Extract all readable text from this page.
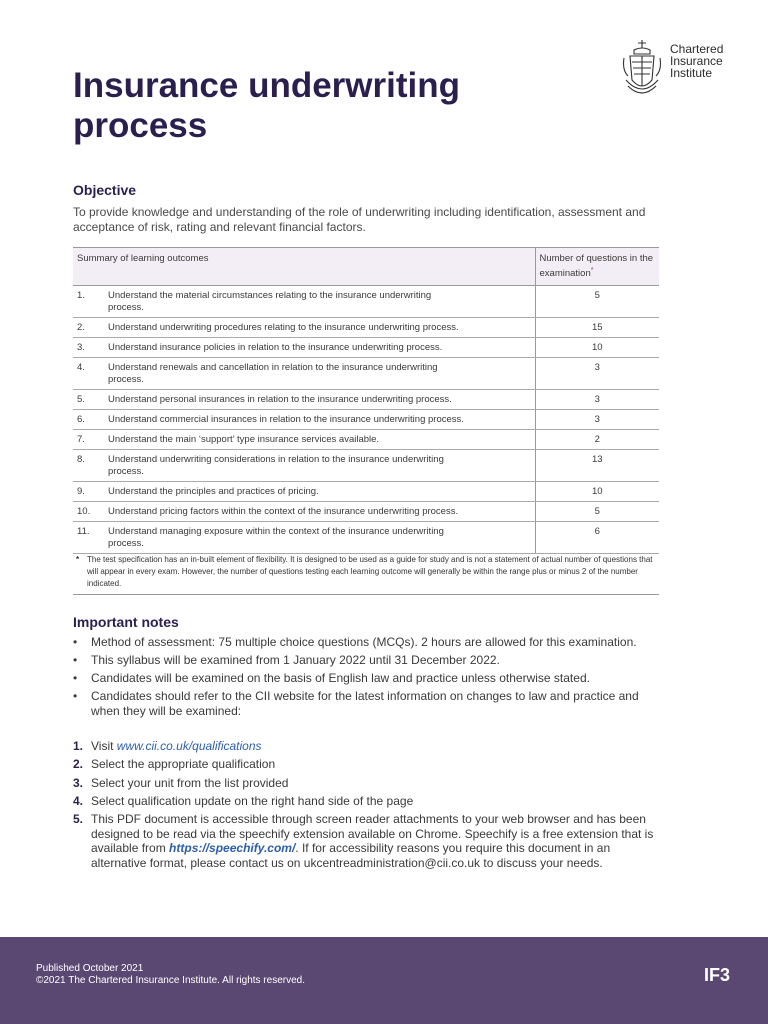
Insurance underwriting process
Chartered
Insurance
Institute
Objective

To provide knowledge and understanding of the role of underwriting including identification, assessment and acceptance of risk, rating and relevant financial factors.

Summary of learning outcomes	Number of questions in the examination*
1. Understand the material circumstances relating to the insurance underwriting
process.	5
2. Understand underwriting procedures relating to the insurance underwriting process.	15
3. Understand insurance policies in relation to the insurance underwriting process.	10
4. Understand renewals and cancellation in relation to the insurance underwriting
process.	3
5. Understand personal insurances in relation to the insurance underwriting process.	3
6. Understand commercial insurances in relation to the insurance underwriting process.	3
7. Understand the main ‘support’ type insurance services available.	2
8. Understand underwriting considerations in relation to the insurance underwriting
process.	13
9. Understand the principles and practices of pricing.	10
10. Understand pricing factors within the context of the insurance underwriting process.	5
11. Understand managing exposure within the context of the insurance underwriting
process.	6
* The test specification has an in-built element of flexibility. It is designed to be used as a guide for study and is not a statement of actual number of questions that will appear in every exam. However, the number of questions testing each learning outcome will generally be within the range plus or minus 2 of the number indicated.
Important notes
• Method of assessment: 75 multiple choice questions (MCQs). 2 hours are allowed for this examination.
• This syllabus will be examined from 1 January 2022 until 31 December 2022.
• Candidates will be examined on the basis of English law and practice unless otherwise stated.
• Candidates should refer to the CII website for the latest information on changes to law and practice and when they will be examined:
1. Visit www.cii.co.uk/qualifications
2. Select the appropriate qualification
3. Select your unit from the list provided
4. Select qualification update on the right hand side of the page
5. This PDF document is accessible through screen reader attachments to your web browser and has been designed to be read via the speechify extension available on Chrome. Speechify is a free extension that is available from https://speechify.com/. If for accessibility reasons you require this document in an alternative format, please contact us on ukcentreadministration@cii.co.uk to discuss your needs.
Published October 2021
©2021 The Chartered Insurance Institute. All rights reserved.	IF3
